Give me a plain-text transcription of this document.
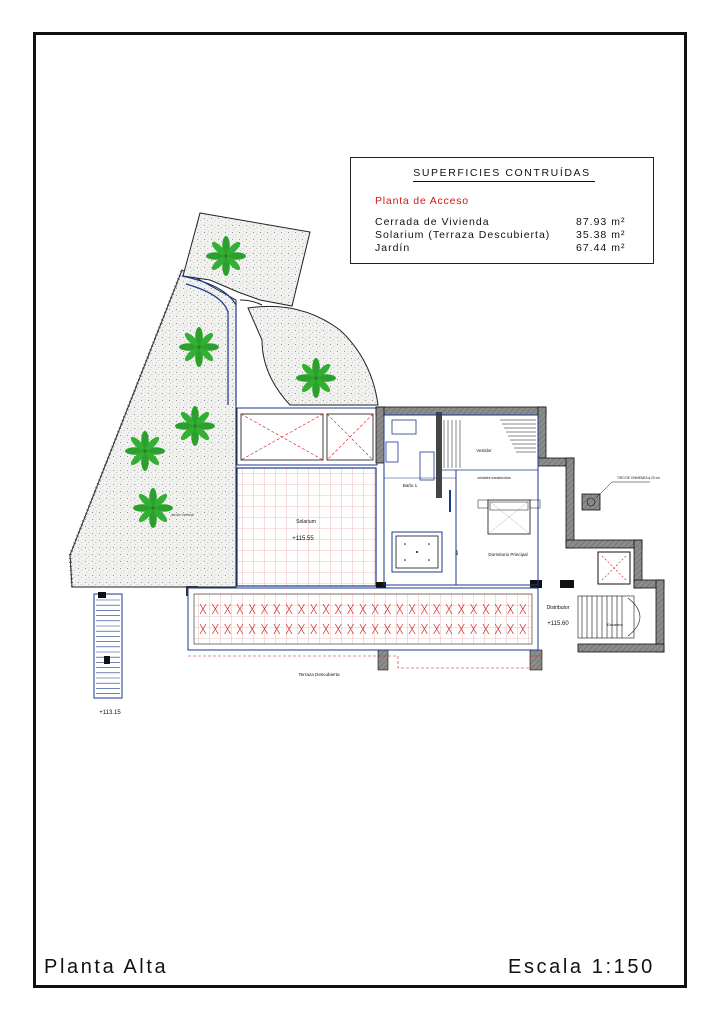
Solarium
+115.55
Jardín Vertical
Vestidor
cristales translúcidos
Baño 1
Ble	Dormitorio Principal
TIRO DE CHIMENEA ø 20 cm
Distributor
+115.60	Escalera
Terraza Descubierta
+113.15
SUPERFICIES CONTRUÍDAS
Planta de Acceso
Cerrada de Vivienda	87.93 m²
Solarium (Terraza Descubierta) 35.38 m²
Jardín	67.44 m²
Planta Alta	Escala 1:150
